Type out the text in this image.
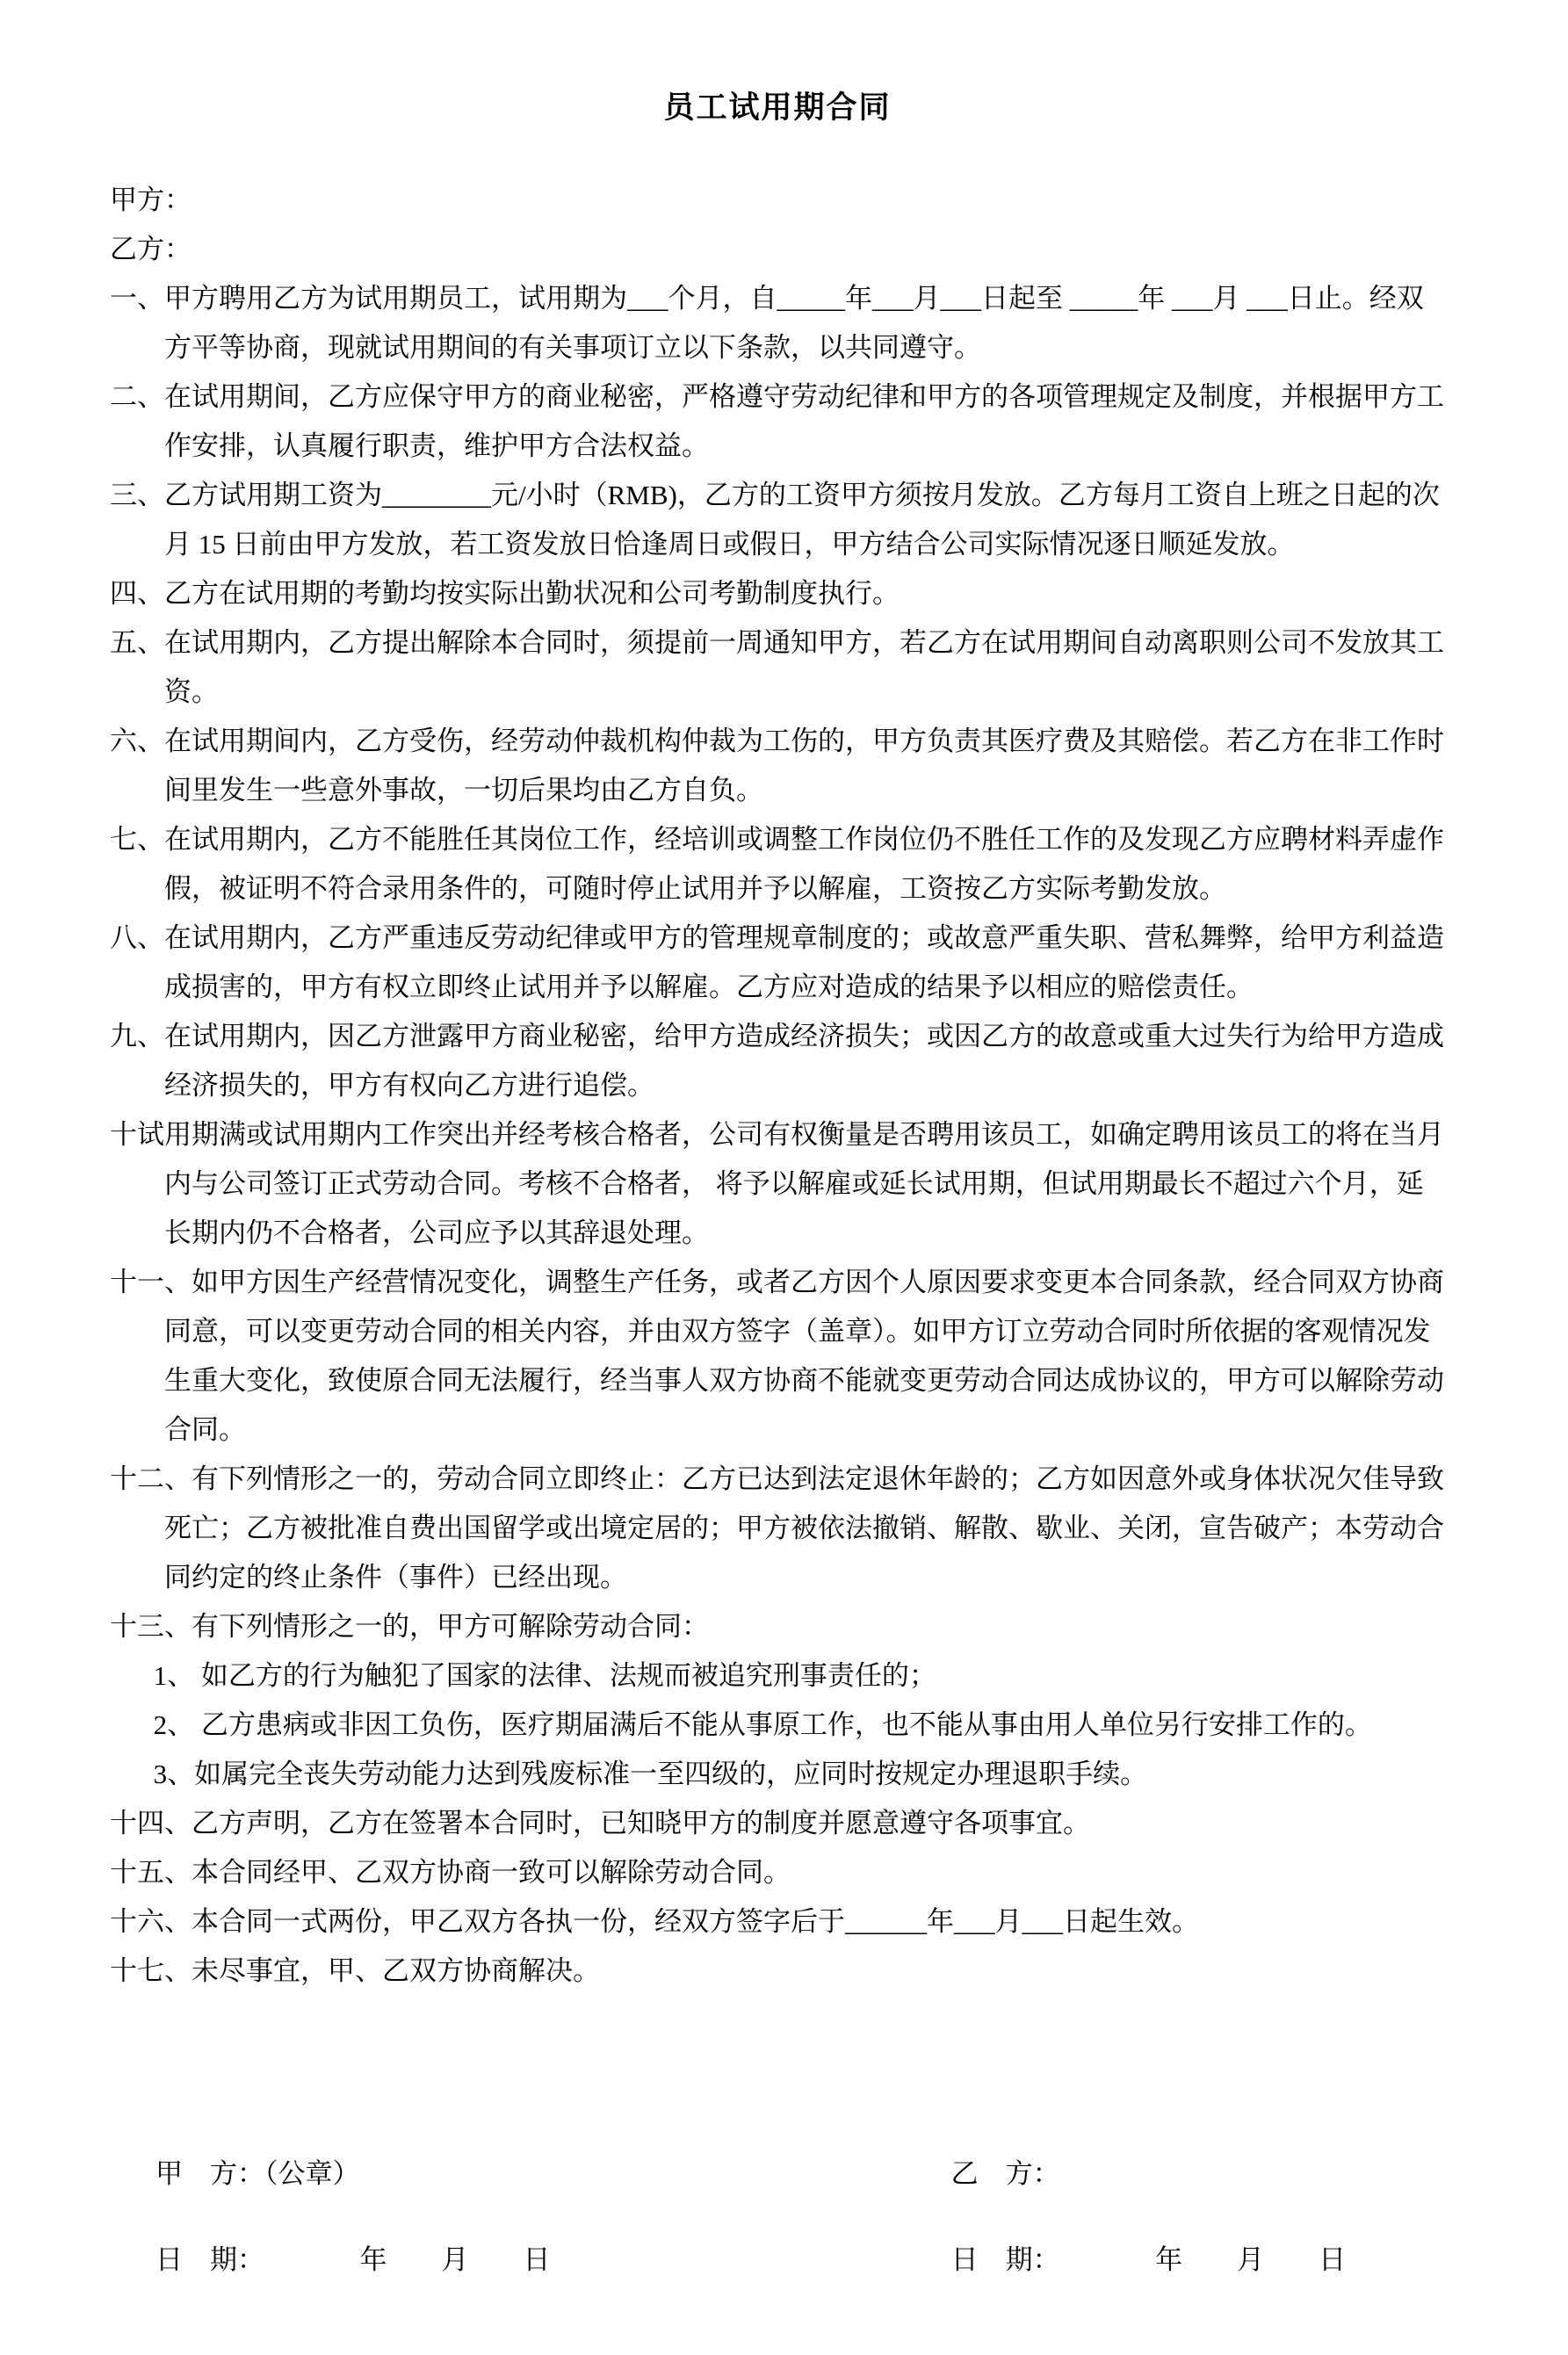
员工试用期合同

甲方：

乙方：

一、甲方聘用乙方为试用期员工，试用期为___个月，自_____年___月___日起至 _____年 ___月 ___日止。经双方平等协商，现就试用期间的有关事项订立以下条款，以共同遵守。

二、在试用期间，乙方应保守甲方的商业秘密，严格遵守劳动纪律和甲方的各项管理规定及制度，并根据甲方工作安排，认真履行职责，维护甲方合法权益。

三、乙方试用期工资为________元/小时（RMB)，乙方的工资甲方须按月发放。乙方每月工资自上班之日起的次月 15 日前由甲方发放，若工资发放日恰逢周日或假日，甲方结合公司实际情况逐日顺延发放。

四、乙方在试用期的考勤均按实际出勤状况和公司考勤制度执行。

五、在试用期内，乙方提出解除本合同时，须提前一周通知甲方，若乙方在试用期间自动离职则公司不发放其工资。

六、在试用期间内，乙方受伤，经劳动仲裁机构仲裁为工伤的，甲方负责其医疗费及其赔偿。若乙方在非工作时间里发生一些意外事故，一切后果均由乙方自负。

七、在试用期内，乙方不能胜任其岗位工作，经培训或调整工作岗位仍不胜任工作的及发现乙方应聘材料弄虚作假，被证明不符合录用条件的，可随时停止试用并予以解雇，工资按乙方实际考勤发放。

八、在试用期内，乙方严重违反劳动纪律或甲方的管理规章制度的；或故意严重失职、营私舞弊，给甲方利益造成损害的，甲方有权立即终止试用并予以解雇。乙方应对造成的结果予以相应的赔偿责任。

九、在试用期内，因乙方泄露甲方商业秘密，给甲方造成经济损失；或因乙方的故意或重大过失行为给甲方造成经济损失的，甲方有权向乙方进行追偿。

十试用期满或试用期内工作突出并经考核合格者，公司有权衡量是否聘用该员工，如确定聘用该员工的将在当月内与公司签订正式劳动合同。考核不合格者， 将予以解雇或延长试用期，但试用期最长不超过六个月，延长期内仍不合格者，公司应予以其辞退处理。

十一、如甲方因生产经营情况变化，调整生产任务，或者乙方因个人原因要求变更本合同条款，经合同双方协商同意，可以变更劳动合同的相关内容，并由双方签字（盖章）。如甲方订立劳动合同时所依据的客观情况发生重大变化，致使原合同无法履行，经当事人双方协商不能就变更劳动合同达成协议的，甲方可以解除劳动合同。

十二、有下列情形之一的，劳动合同立即终止：乙方已达到法定退休年龄的；乙方如因意外或身体状况欠佳导致死亡；乙方被批准自费出国留学或出境定居的；甲方被依法撤销、解散、歇业、关闭，宣告破产；本劳动合同约定的终止条件（事件）已经出现。

十三、有下列情形之一的，甲方可解除劳动合同：

1、 如乙方的行为触犯了国家的法律、法规而被追究刑事责任的；

2、 乙方患病或非因工负伤，医疗期届满后不能从事原工作，也不能从事由用人单位另行安排工作的。

3、如属完全丧失劳动能力达到残废标准一至四级的，应同时按规定办理退职手续。

十四、乙方声明，乙方在签署本合同时，已知晓甲方的制度并愿意遵守各项事宜。

十五、本合同经甲、乙双方协商一致可以解除劳动合同。

十六、本合同一式两份，甲乙双方各执一份，经双方签字后于______年___月___日起生效。

十七、未尽事宜，甲、乙双方协商解决。

甲　方：（公章）	乙　方：
日　期：　　　　年　　月　　日	日　期：　　　　年　　月　　日
